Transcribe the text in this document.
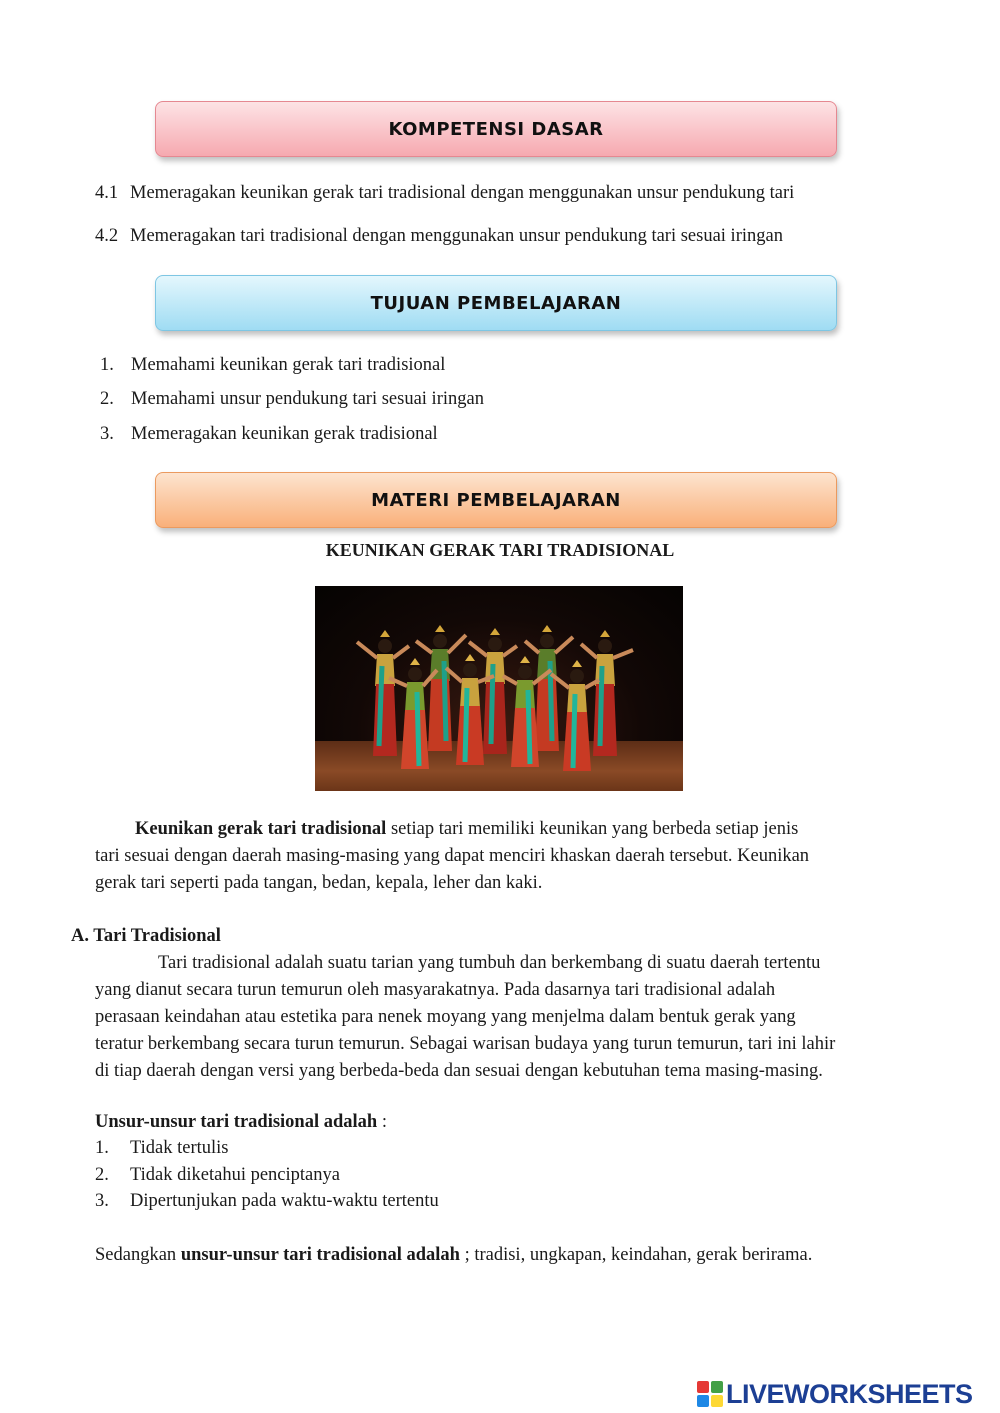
KOMPETENSI DASAR
4.1 Memeragakan keunikan gerak tari tradisional dengan menggunakan unsur pendukung tari
4.2 Memeragakan tari tradisional dengan menggunakan unsur pendukung tari sesuai iringan
TUJUAN PEMBELAJARAN
1. Memahami keunikan gerak tari tradisional
2. Memahami unsur pendukung tari sesuai iringan
3. Memeragakan keunikan gerak tradisional
MATERI PEMBELAJARAN
KEUNIKAN GERAK TARI TRADISIONAL
Keunikan gerak tari tradisional setiap tari memiliki keunikan yang berbeda setiap jenis
tari sesuai dengan daerah masing-masing yang dapat menciri khaskan daerah tersebut. Keunikan
gerak tari seperti pada tangan, bedan, kepala, leher dan kaki.
A. Tari Tradisional
Tari tradisional adalah suatu tarian yang tumbuh dan berkembang di suatu daerah tertentu
yang dianut secara turun temurun oleh masyarakatnya. Pada dasarnya tari tradisional adalah
perasaan keindahan atau estetika para nenek moyang yang menjelma dalam bentuk gerak yang
teratur berkembang secara turun temurun. Sebagai warisan budaya yang turun temurun, tari ini lahir
di tiap daerah dengan versi yang berbeda-beda dan sesuai dengan kebutuhan tema masing-masing.
Unsur-unsur tari tradisional adalah :
1. Tidak tertulis
2. Tidak diketahui penciptanya
3. Dipertunjukan pada waktu-waktu tertentu
Sedangkan unsur-unsur tari tradisional adalah ; tradisi, ungkapan, keindahan, gerak berirama.
LIVEWORKSHEETS
